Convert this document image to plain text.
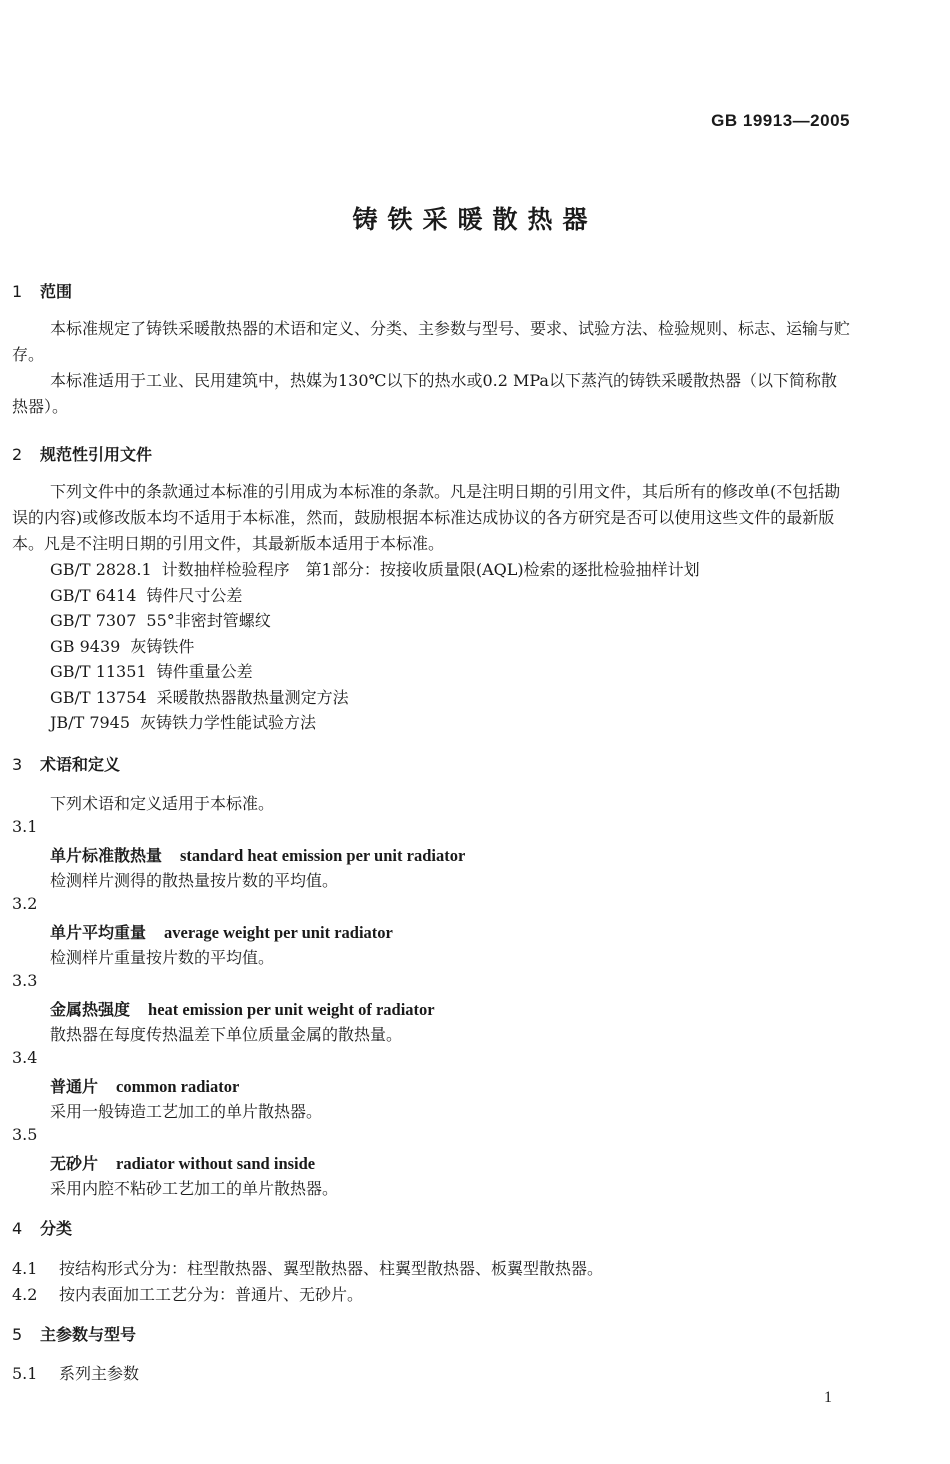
GB 19913—2005
铸铁采暖散热器
1 范围
本标准规定了铸铁采暖散热器的术语和定义、分类、主参数与型号、要求、试验方法、检验规则、标志、运输与贮存。
本标准适用于工业、民用建筑中，热媒为130℃以下的热水或0.2 MPa以下蒸汽的铸铁采暖散热器（以下简称散热器）。
2 规范性引用文件
下列文件中的条款通过本标准的引用成为本标准的条款。凡是注明日期的引用文件，其后所有的修改单(不包括勘误的内容)或修改版本均不适用于本标准，然而，鼓励根据本标准达成协议的各方研究是否可以使用这些文件的最新版本。凡是不注明日期的引用文件，其最新版本适用于本标准。
GB/T 2828.1 计数抽样检验程序　第1部分：按接收质量限(AQL)检索的逐批检验抽样计划
GB/T 6414 铸件尺寸公差
GB/T 7307 55°非密封管螺纹
GB 9439 灰铸铁件
GB/T 11351 铸件重量公差
GB/T 13754 采暖散热器散热量测定方法
JB/T 7945 灰铸铁力学性能试验方法
3 术语和定义
下列术语和定义适用于本标准。
3.1
单片标准散热量 standard heat emission per unit radiator
检测样片测得的散热量按片数的平均值。
3.2
单片平均重量 average weight per unit radiator
检测样片重量按片数的平均值。
3.3
金属热强度 heat emission per unit weight of radiator
散热器在每度传热温差下单位质量金属的散热量。
3.4
普通片 common radiator
采用一般铸造工艺加工的单片散热器。
3.5
无砂片 radiator without sand inside
采用内腔不粘砂工艺加工的单片散热器。
4 分类
4.1 按结构形式分为：柱型散热器、翼型散热器、柱翼型散热器、板翼型散热器。
4.2 按内表面加工工艺分为：普通片、无砂片。
5 主参数与型号
5.1 系列主参数
1
